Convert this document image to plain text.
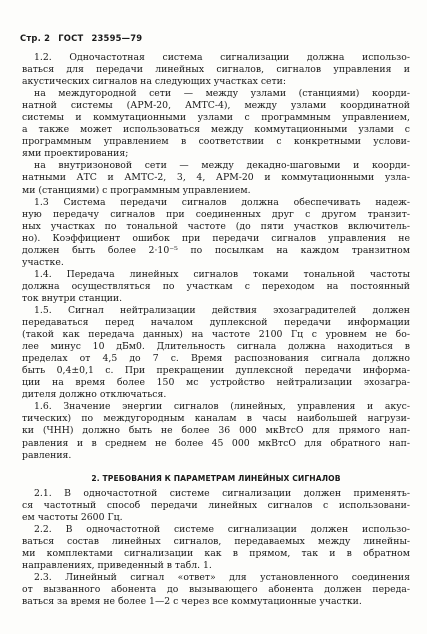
Стр. 2 ГОСТ 23595—79
1.2. Одночастотная система сигнализации должна использо-
ваться для передачи линейных сигналов, сигналов управления и
акустических сигналов на следующих участках сети:
на междугородной сети — между узлами (станциями) коорди-
натной системы (АРМ-20, АМТС-4), между узлами координатной
системы и коммутационными узлами с программным управлением,
а также может использоваться между коммутационными узлами с
программным управлением в соответствии с конкретными услови-
ями проектирования;
на внутризоновой сети — между декадно-шаговыми и коорди-
натными АТС и АМТС-2, 3, 4, АРМ-20 и коммутационными узла-
ми (станциями) с программным управлением.
1.3 Система передачи сигналов должна обеспечивать надеж-
ную передачу сигналов при соединенных друг с другом транзит-
ных участках по тональной частоте (до пяти участков включитель-
но). Коэффициент ошибок при передачи сигналов управления не
должен быть более 2·10⁻⁵ по посылкам на каждом транзитном
участке.
1.4. Передача линейных сигналов токами тональной частоты
должна осуществляться по участкам с переходом на постоянный
ток внутри станции.
1.5. Сигнал нейтрализации действия эхозаградителей должен
передаваться перед началом дуплексной передачи информации
(такой как передача данных) на частоте 2100 Гц с уровнем не бо-
лее минус 10 дБм0. Длительность сигнала должна находиться в
пределах от 4,5 до 7 с. Время распознования сигнала должно
быть 0,4±0,1 с. При прекращении дуплексной передачи информа-
ции на время более 150 мс устройство нейтрализации эхозагра-
дителя должно отключаться.
1.6. Значение энергии сигналов (линейных, управления и акус-
тических) по междугородным каналам в часы наибольшей нагрузи-
ки (ЧНН) должно быть не более 36 000 мкВтсО для прямого нап-
равления и в среднем не более 45 000 мкВтсО для обратного нап-
равления.
2. ТРЕБОВАНИЯ К ПАРАМЕТРАМ ЛИНЕЙНЫХ СИГНАЛОВ
2.1. В одночастотной системе сигнализации должен применять-
ся частотный способ передачи линейных сигналов с использовани-
ем частоты 2600 Гц.
2.2. В одночастотной системе сигнализации должен использо-
ваться состав линейных сигналов, передаваемых между линейны-
ми комплектами сигнализации как в прямом, так и в обратном
направлениях, приведенный в табл. 1.
2.3. Линейный сигнал «ответ» для установленного соединения
от вызванного абонента до вызывающего абонента должен переда-
ваться за время не более 1—2 с через все коммутационные участки.
